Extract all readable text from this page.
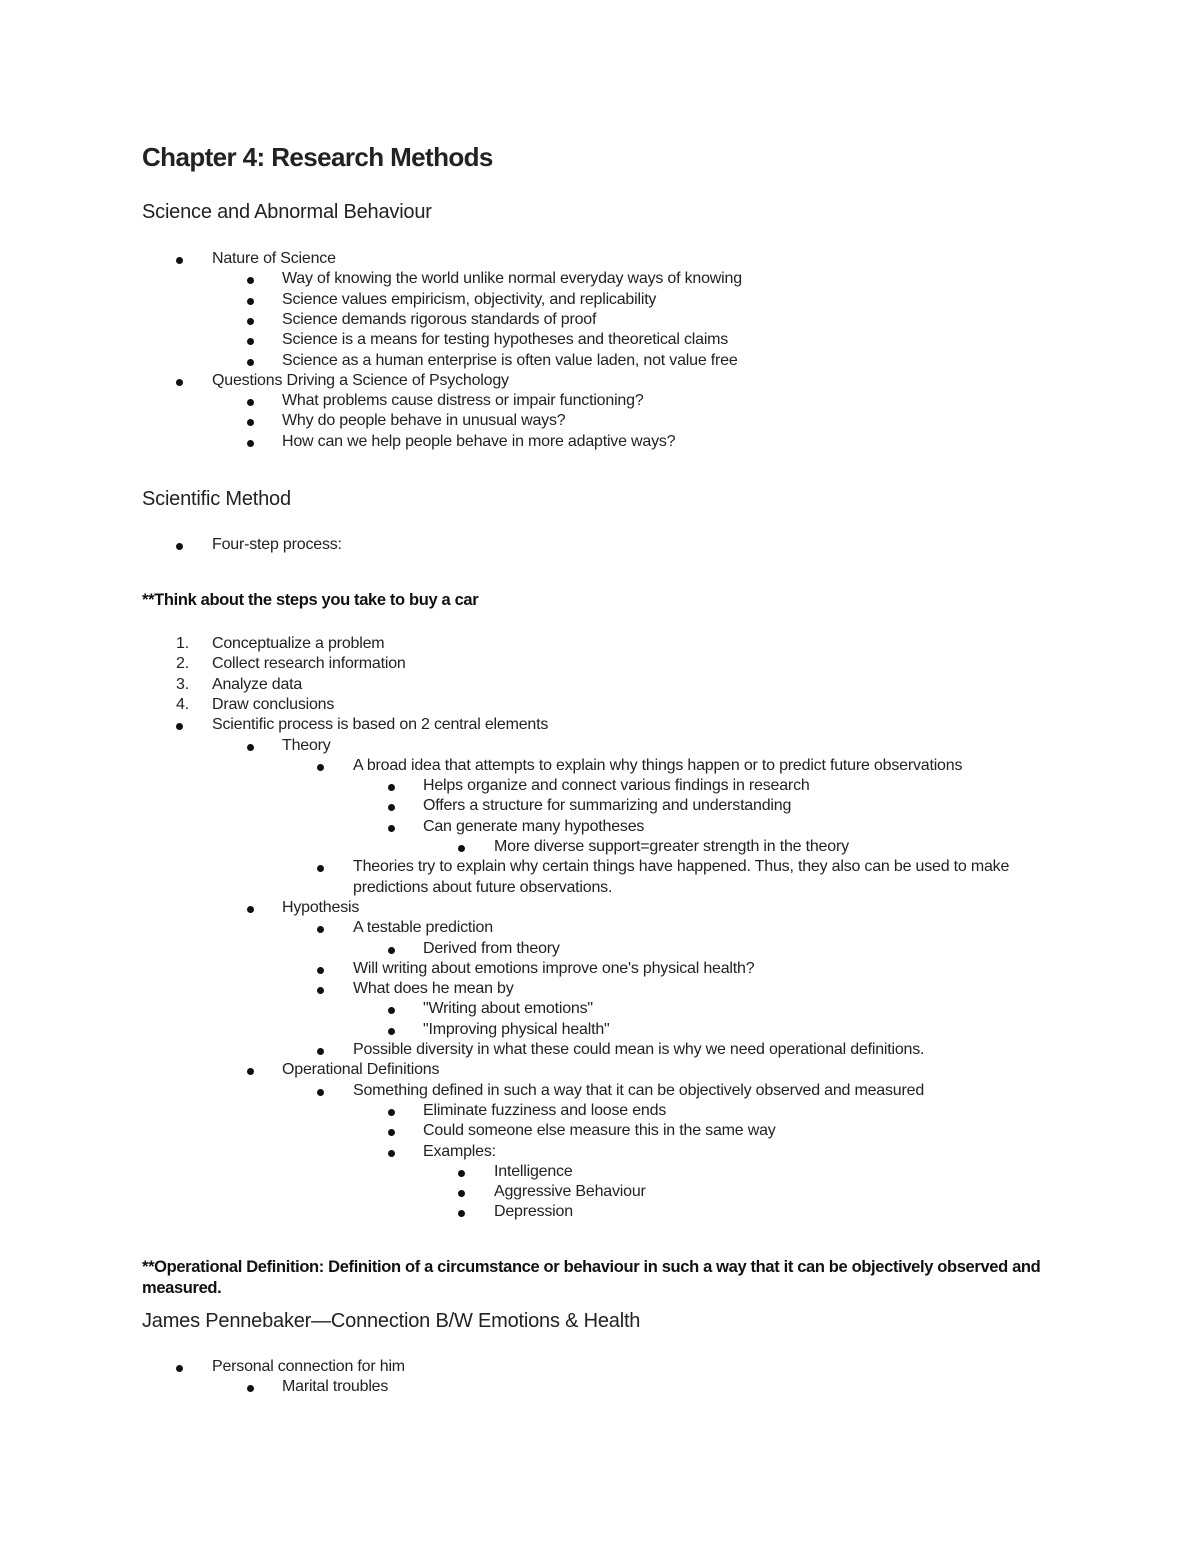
Chapter 4: Research Methods
Science and Abnormal Behaviour
Nature of Science
Way of knowing the world unlike normal everyday ways of knowing
Science values empiricism, objectivity, and replicability
Science demands rigorous standards of proof
Science is a means for testing hypotheses and theoretical claims
Science as a human enterprise is often value laden, not value free
Questions Driving a Science of Psychology
What problems cause distress or impair functioning?
Why do people behave in unusual ways?
How can we help people behave in more adaptive ways?
Scientific Method
Four-step process:

**Think about the steps you take to buy a car

1.	Conceptualize a problem
2.	Collect research information
3.	Analyze data
4.	Draw conclusions
Scientific process is based on 2 central elements
Theory
A broad idea that attempts to explain why things happen or to predict future observations
Helps organize and connect various findings in research
Offers a structure for summarizing and understanding
Can generate many hypotheses
More diverse support=greater strength in the theory
Theories try to explain why certain things have happened. Thus, they also can be used to make predictions about future observations.
Hypothesis
A testable prediction
Derived from theory
Will writing about emotions improve one's physical health?
What does he mean by
"Writing about emotions"
"Improving physical health"
Possible diversity in what these could mean is why we need operational definitions.
Operational Definitions
Something defined in such a way that it can be objectively observed and measured
Eliminate fuzziness and loose ends
Could someone else measure this in the same way
Examples:
Intelligence
Aggressive Behaviour
Depression

**Operational Definition: Definition of a circumstance or behaviour in such a way that it can be objectively observed and measured.

James Pennebaker—Connection B/W Emotions & Health
Personal connection for him
Marital troubles
